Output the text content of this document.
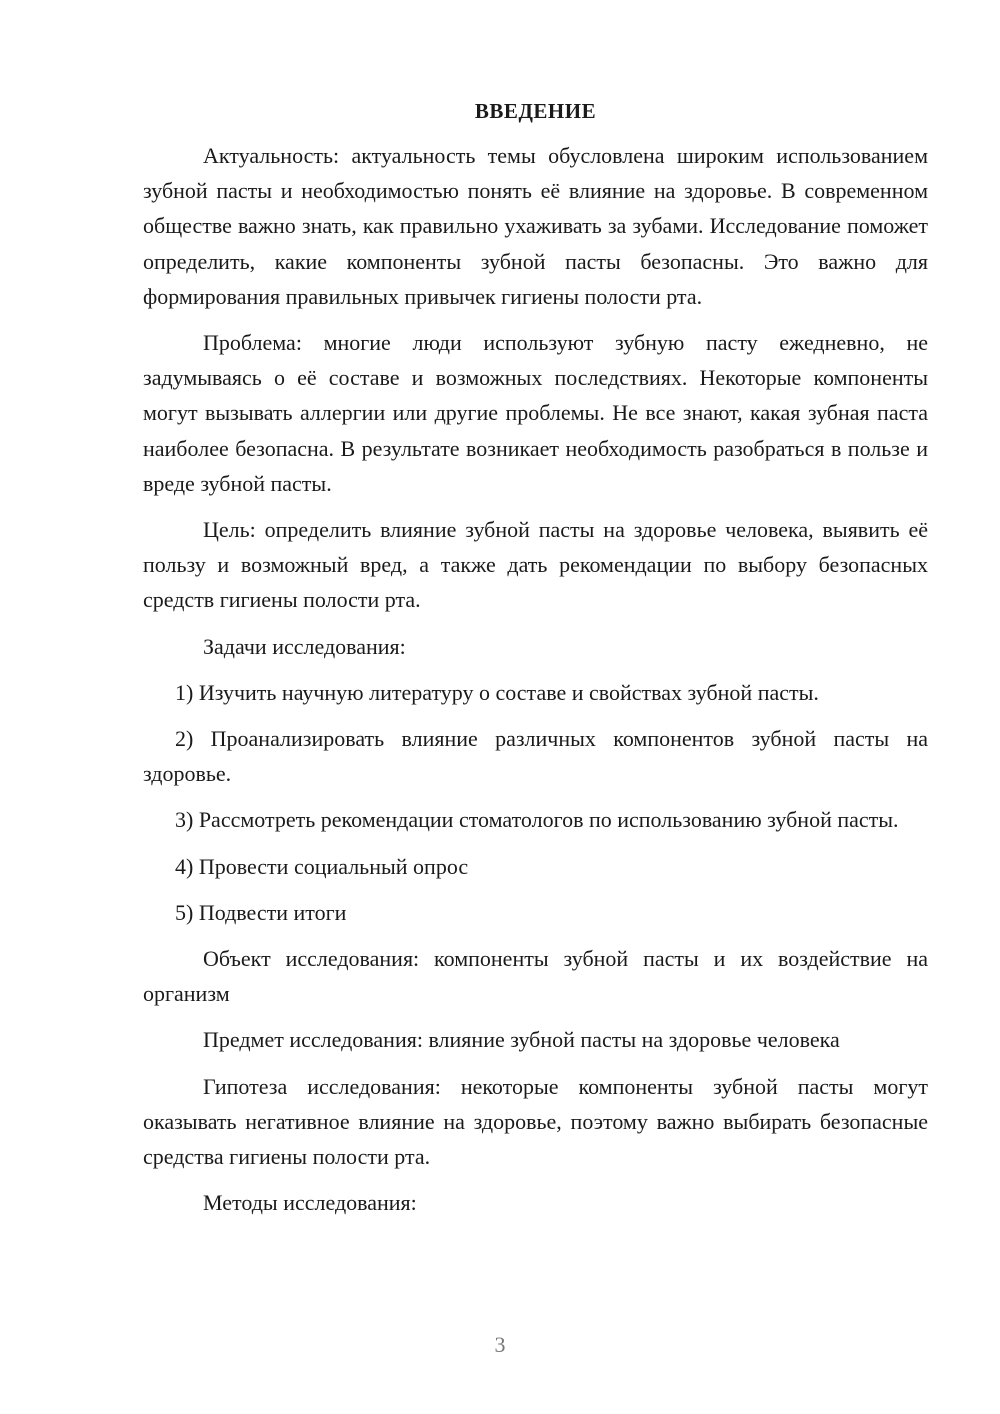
ВВЕДЕНИЕ

Актуальность: актуальность темы обусловлена широким использованием зубной пасты и необходимостью понять её влияние на здоровье. В современном обществе важно знать, как правильно ухаживать за зубами. Исследование поможет определить, какие компоненты зубной пасты безопасны. Это важно для формирования правильных привычек гигиены полости рта.

Проблема: многие люди используют зубную пасту ежедневно, не задумываясь о её составе и возможных последствиях. Некоторые компоненты могут вызывать аллергии или другие проблемы. Не все знают, какая зубная паста наиболее безопасна. В результате возникает необходимость разобраться в пользе и вреде зубной пасты.

Цель: определить влияние зубной пасты на здоровье человека, выявить её пользу и возможный вред, а также дать рекомендации по выбору безопасных средств гигиены полости рта.

Задачи исследования:

1) Изучить научную литературу о составе и свойствах зубной пасты.

2) Проанализировать влияние различных компонентов зубной пасты на здоровье.

3) Рассмотреть рекомендации стоматологов по использованию зубной пасты.

4) Провести социальный опрос

5) Подвести итоги

Объект исследования: компоненты зубной пасты и их воздействие на организм

Предмет исследования: влияние зубной пасты на здоровье человека

Гипотеза исследования: некоторые компоненты зубной пасты могут оказывать негативное влияние на здоровье, поэтому важно выбирать безопасные средства гигиены полости рта.

Методы исследования:

3
